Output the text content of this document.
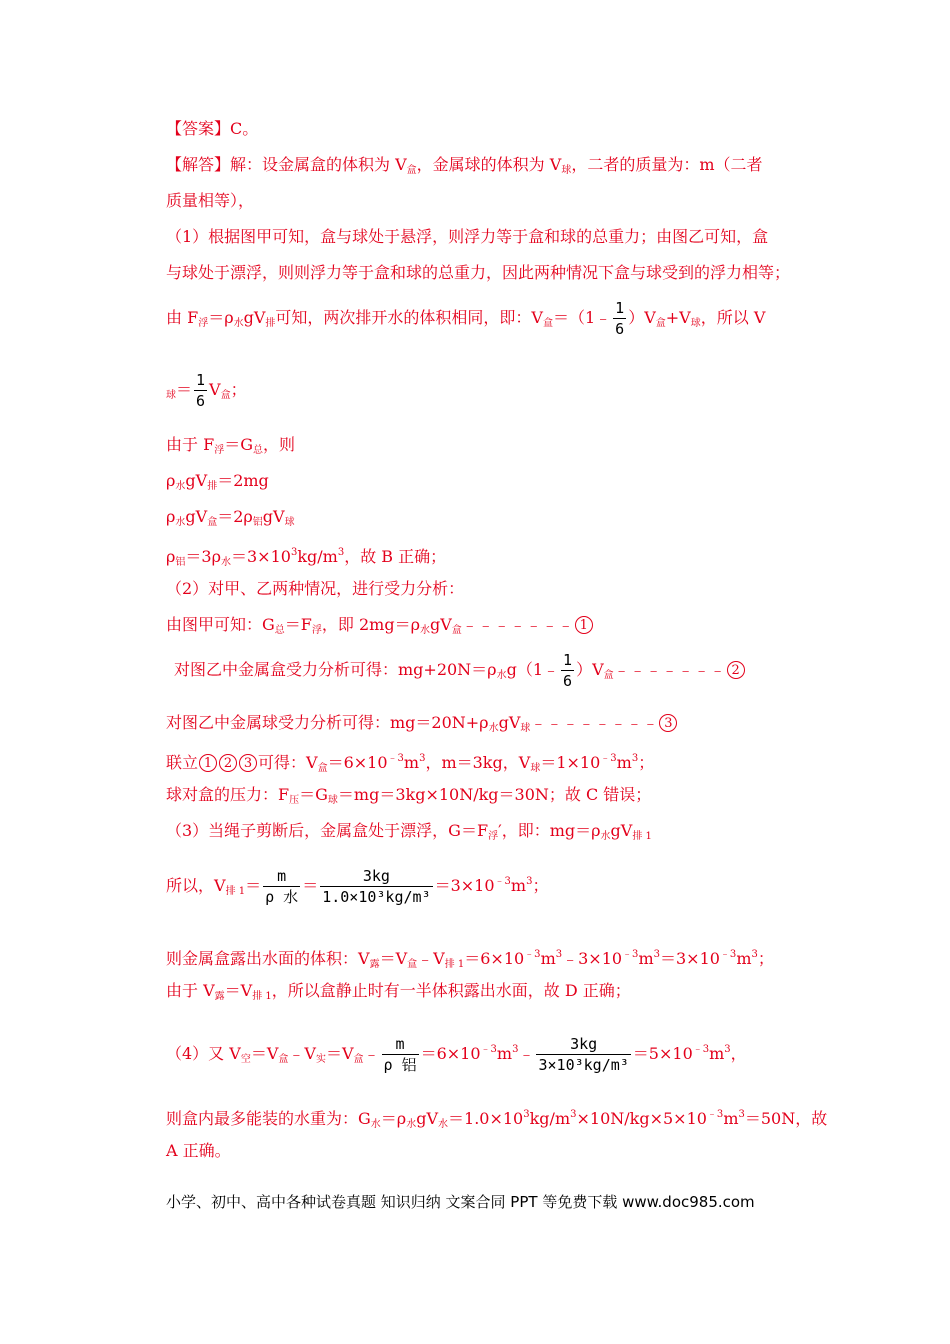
【答案】C。
【解答】解：设金属盒的体积为 $V_盒$，金属球的体积为 $V_球$，二者的质量为：m（二者
质量相等），
（1）根据图甲可知，盒与球处于悬浮，则浮力等于盒和球的总重力；由图乙可知，盒
与球处于漂浮，则则浮力等于盒和球的总重力，因此两种情况下盒与球受到的浮力相等；
由 $F_浮=\rho_水gV_排$可知，两次排开水的体积相同，即：$V_盒=(1﹣ \frac{1}{6} )V_盒+V_球$，所以 V
$_球= \frac{1}{6} V_盒$；
由于 $F_浮=G_总$，则
$\rho_水gV_排=2mg$
$\rho_水gV_盒=2\rho_铝gV_球$
$\rho_铝=3\rho_水=3\times 10^3kg/m^3$，故 B 正确；
（2）对甲、乙两种情况，进行受力分析：
由图甲可知：$G_总=F_浮$，即 $2mg=\rho_水gV_盒﹣﹣﹣﹣﹣﹣﹣$ 1
对图乙中金属盒受力分析可得：$mg+20N=\rho_水g(1﹣ \frac{1}{6}$ ）$V_盒﹣﹣﹣﹣﹣﹣﹣$ 2
对图乙中金属球受力分析可得：$mg=20N+\rho_水gV_球﹣﹣﹣﹣﹣﹣﹣﹣$ 3
联立 1 2 3 可得：$V_盒=6\times 10^{﹣3}m^3$，m＝3kg，$V_球=1\times 10^{﹣3}m^3$；
球对盒的压力：$F_压=G_球=mg=3kg\times 10N/kg=30N$；故 C 错误；
（3）当绳子剪断后，金属盒处于漂浮，$G=F_浮'$，即：$mg=\rho_水gV_{排 1}$
所以，$V_{排 1}= \frac{m}{\text{ρ 水}} = \frac{3kg}{\text{1.0×10³kg/m³}} =3\times 10^{﹣3}m^3$；
则金属盒露出水面的体积：$V_露=V_盒﹣V_{排 1}=6\times 10^{﹣3}m^3﹣3\times 10^{﹣3}m^3=3\times 10^{﹣3}m^3$；
由于 $V_露=V_{排 1}$，所以盒静止时有一半体积露出水面，故 D 正确；
（4）又 $V_空=V_盒﹣V_实=V_盒﹣ \frac{m}{\text{ρ 铝}}$ $=6\times 10^{﹣3}m^3﹣ \frac{3kg}{\text{3×10³kg/m³}} =5\times 10^{﹣3}m^3$，
则盒内最多能装的水重为：$G_水=\rho_水gV_水=1.0\times 10^3kg/m^3\times 10N/kg\times 5\times 10^{﹣3}m^3=50N$，故
A 正确。
小学、初中、高中各种试卷真题 知识归纳 文案合同 PPT 等免费下载 www.doc985.com
